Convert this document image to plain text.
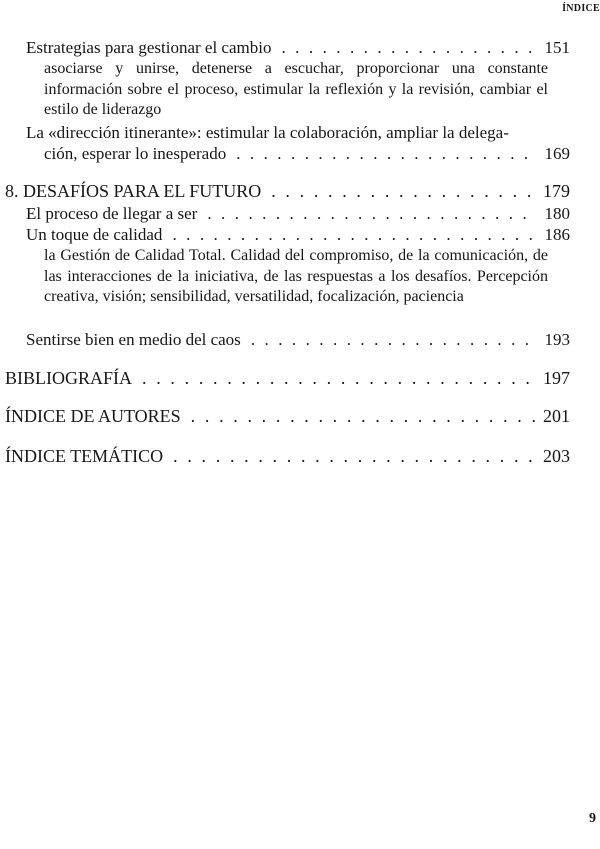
ÍNDICE
Estrategias para gestionar el cambio . . .	151
asociarse y unirse, detenerse a escuchar, proporcionar una constante información sobre el proceso, estimular la reflexión y la revisión, cambiar el estilo de liderazgo
La «dirección itinerante»: estimular la colaboración, ampliar la delega-
ción, esperar lo inesperado . . .	169
8. DESAFÍOS PARA EL FUTURO . . .	179
El proceso de llegar a ser . . .	180
Un toque de calidad . . .	186
la Gestión de Calidad Total. Calidad del compromiso, de la comunicación, de las interacciones de la iniciativa, de las respuestas a los desafíos. Percepción creativa, visión; sensibilidad, versatilidad, focalización, paciencia
Sentirse bien en medio del caos . . .	193
BIBLIOGRAFÍA . . .	197
ÍNDICE DE AUTORES . . .	201
ÍNDICE TEMÁTICO . . .	203
9
